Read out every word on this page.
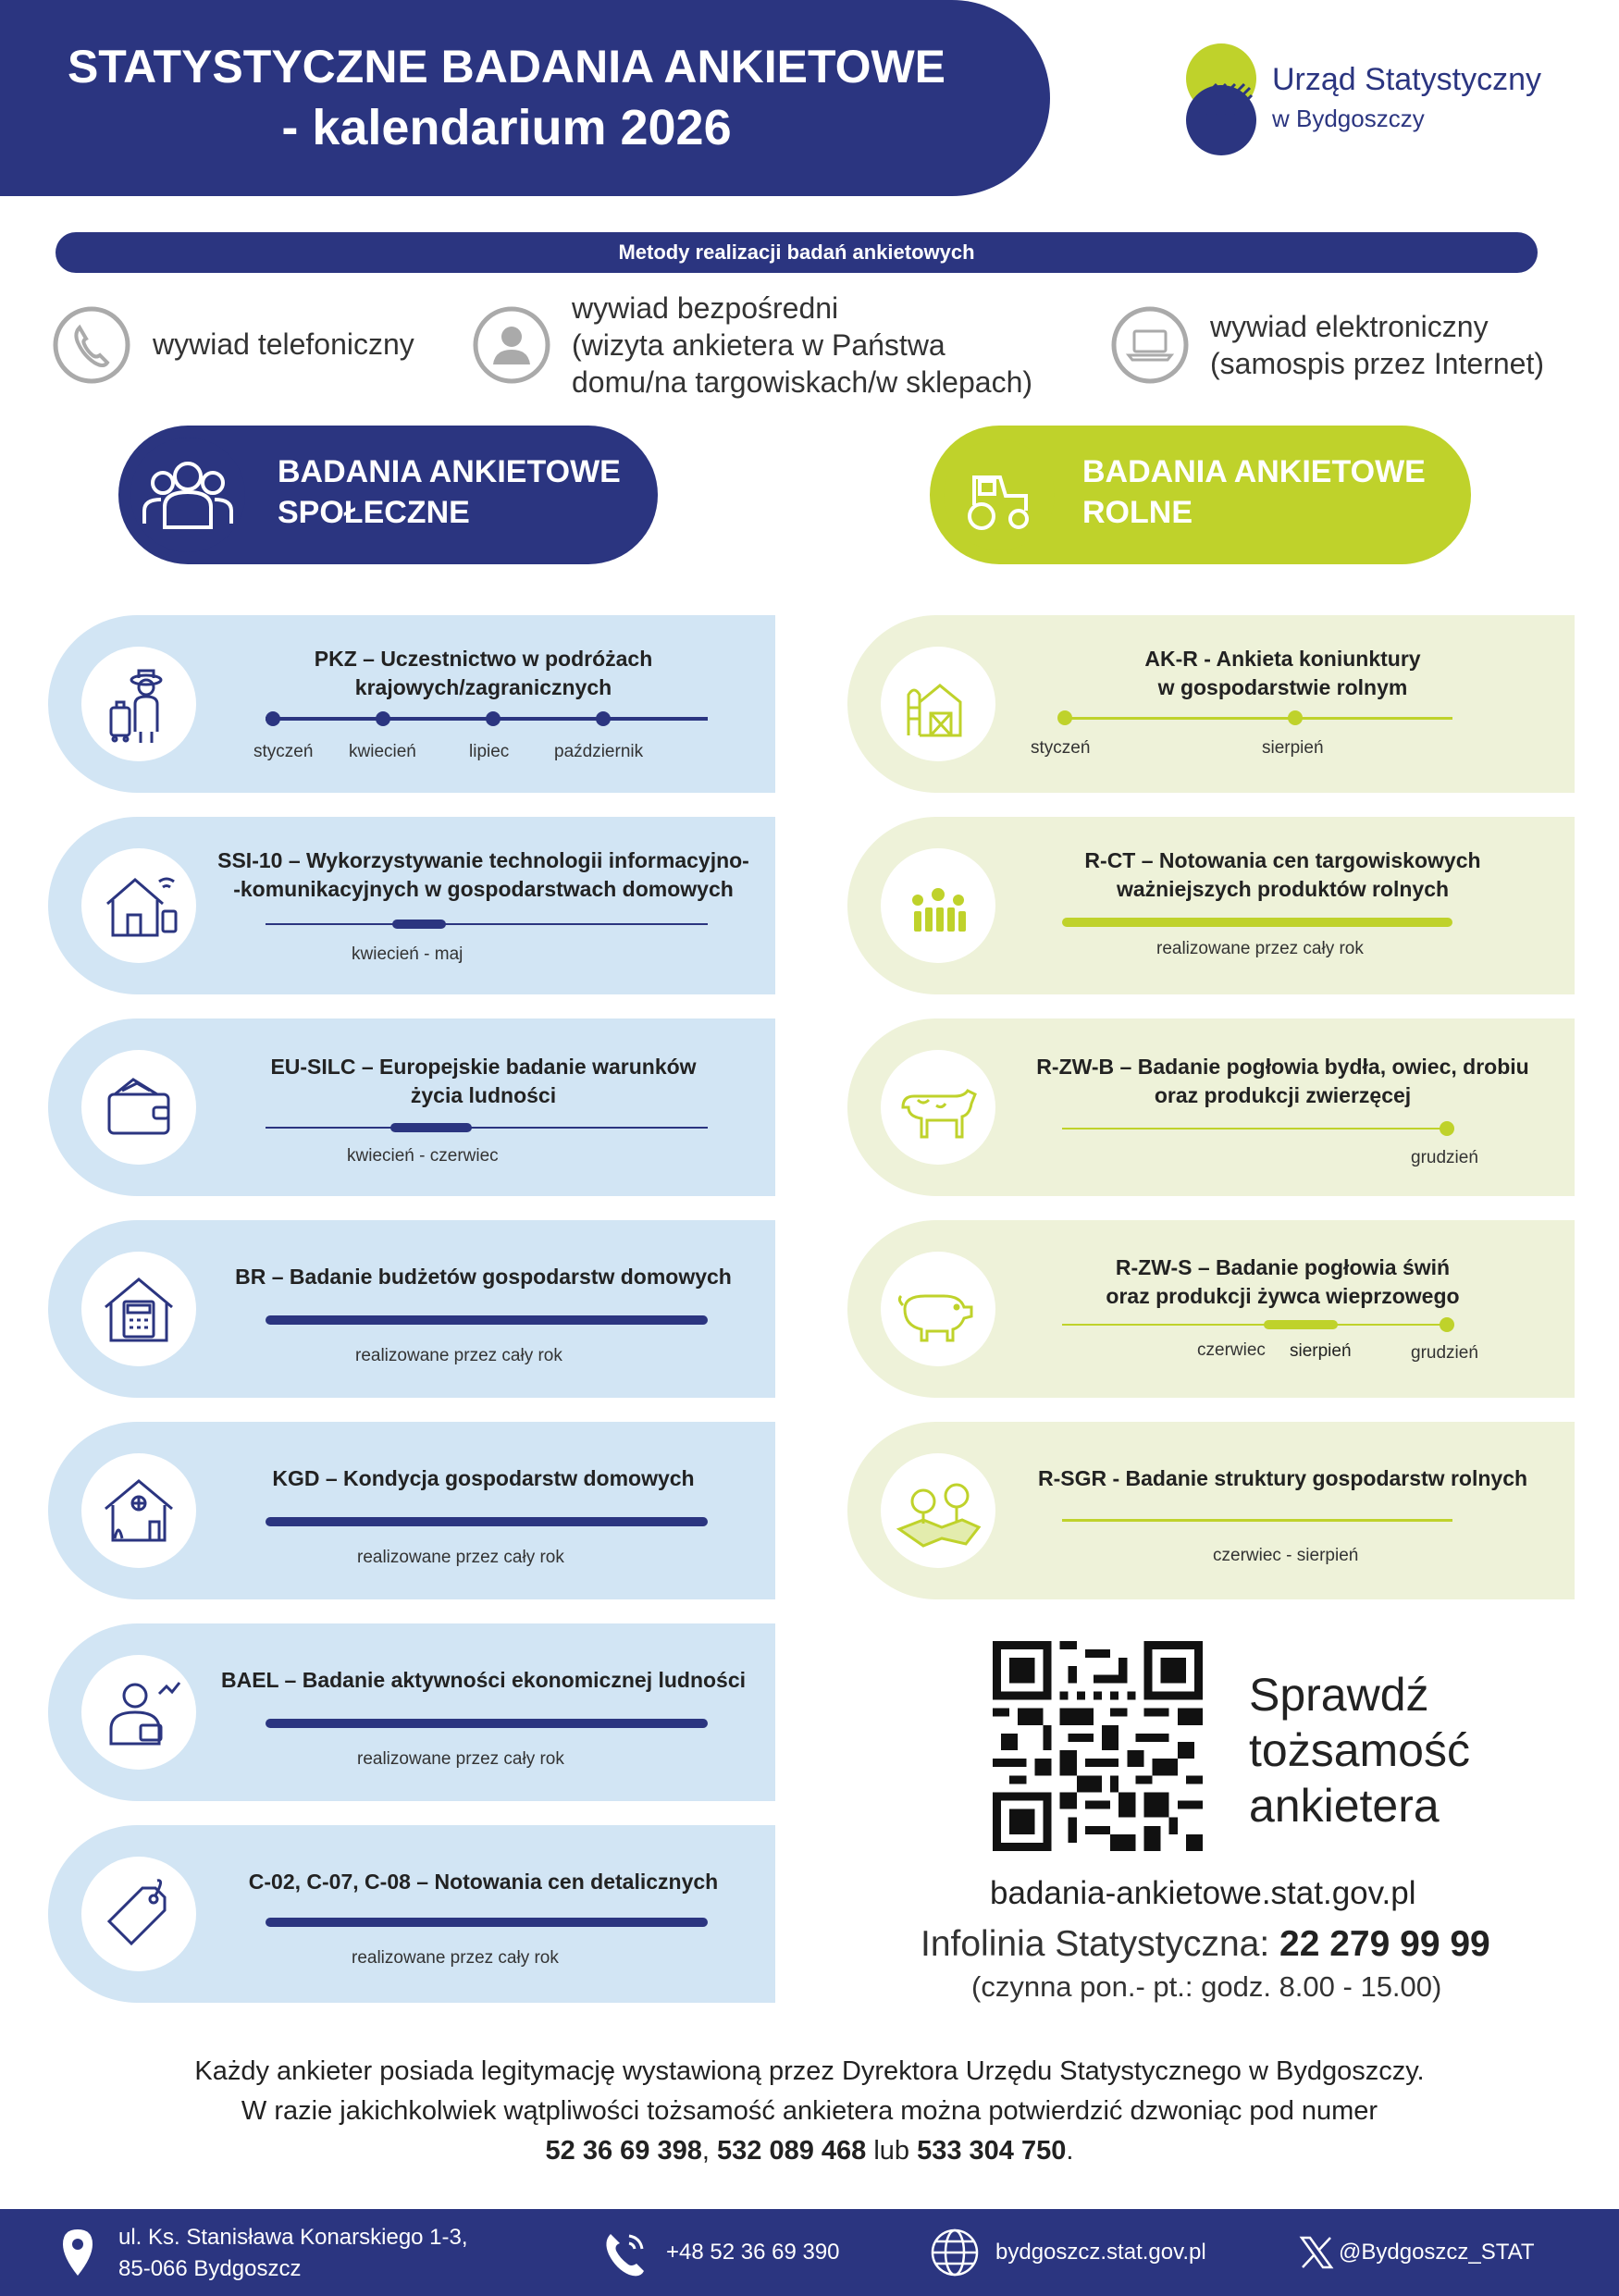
STATYSTYCZNE BADANIA ANKIETOWE
- kalendarium 2026
Urząd Statystyczny
w Bydgoszczy
Metody realizacji badań ankietowych
wywiad telefoniczny
wywiad bezpośredni
(wizyta ankietera w Państwa
domu/na targowiskach/w sklepach)
wywiad elektroniczny
(samospis przez Internet)
BADANIA ANKIETOWE
SPOŁECZNE
BADANIA ANKIETOWE
ROLNE
PKZ – Uczestnictwo w podróżach
krajowych/zagranicznych
styczeń kwiecień	lipiec	październik
SSI-10 – Wykorzystywanie technologii informacyjno-
-komunikacyjnych w gospodarstwach domowych
kwiecień - maj
EU-SILC – Europejskie badanie warunków
życia ludności
kwiecień - czerwiec
BR – Badanie budżetów gospodarstw domowych
realizowane przez cały rok
KGD – Kondycja gospodarstw domowych
realizowane przez cały rok
BAEL – Badanie aktywności ekonomicznej ludności
realizowane przez cały rok
C-02, C-07, C-08 – Notowania cen detalicznych
realizowane przez cały rok
AK-R - Ankieta koniunktury
w gospodarstwie rolnym
styczeń	sierpień
R-CT – Notowania cen targowiskowych
ważniejszych produktów rolnych
realizowane przez cały rok
R-ZW-B – Badanie pogłowia bydła, owiec, drobiu
oraz produkcji zwierzęcej
grudzień
R-ZW-S – Badanie pogłowia świń
oraz produkcji żywca wieprzowego
czerwiec sierpień	grudzień
R-SGR - Badanie struktury gospodarstw rolnych
czerwiec - sierpień
Sprawdź
tożsamość
ankietera
badania-ankietowe.stat.gov.pl
Infolinia Statystyczna: 22 279 99 99
(czynna pon.- pt.: godz. 8.00 - 15.00)
Każdy ankieter posiada legitymację wystawioną przez Dyrektora Urzędu Statystycznego w Bydgoszczy.
W razie jakichkolwiek wątpliwości tożsamość ankietera można potwierdzić dzwoniąc pod numer
52 36 69 398, 532 089 468 lub 533 304 750.
ul. Ks. Stanisława Konarskiego 1-3,
85-066 Bydgoszcz
+48 52 36 69 390	bydgoszcz.stat.gov.pl	@Bydgoszcz_STAT
